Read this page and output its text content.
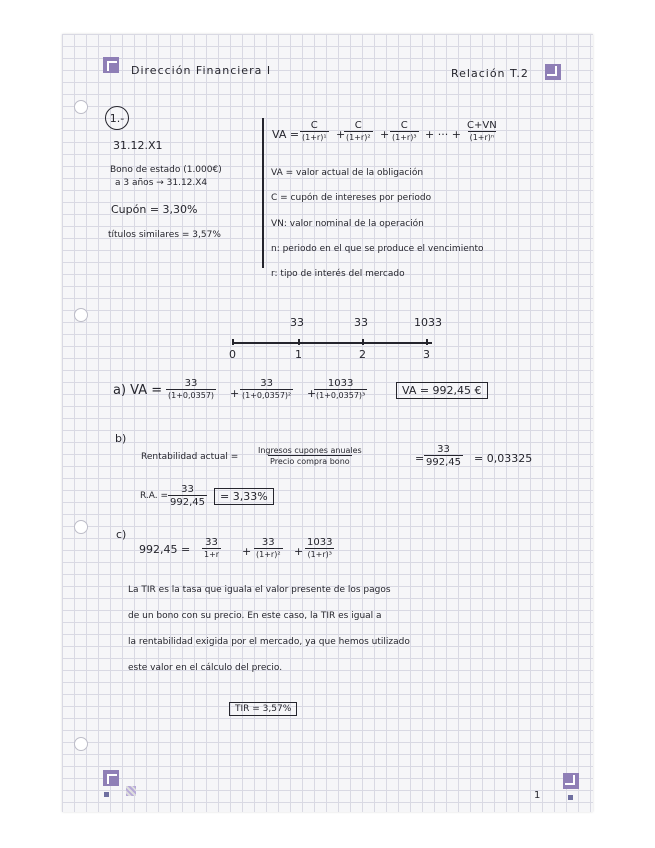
Dirección Financiera I	Relación T.2
1.-
31.12.X1
Bono de estado (1.000€)
a 3 años → 31.12.X4
Cupón = 3,30%
títulos similares = 3,57%
VA =
C
(1+r)¹ +
C
(1+r)² +
C
(1+r)³ + ··· +
C+VN
(1+r)ⁿ
VA = valor actual de la obligación
C = cupón de intereses por periodo
VN: valor nominal de la operación
n: periodo en el que se produce el vencimiento
r: tipo de interés del mercado
33	33	1033
0	1	2	3
a) VA = 33
(1+0,0357) +
33
(1+0,0357)² +
1033
(1+0,0357)³	VA = 992,45 €
b)
Rentabilidad actual =
Ingresos cupones anuales
Precio compra bono	= $\frac{33}{992,45} = 0,03325$
R.A. = $\frac{33}{992,45}$	= 3,33%
c)
992,45 =
33
1+r +
33
(1+r)² +
1033
(1+r)³
La TIR es la tasa que iguala el valor presente de los pagos
de un bono con su precio. En este caso, la TIR es igual a
la rentabilidad exigida por el mercado, ya que hemos utilizado
este valor en el cálculo del precio.
TIR = 3,57%
1
